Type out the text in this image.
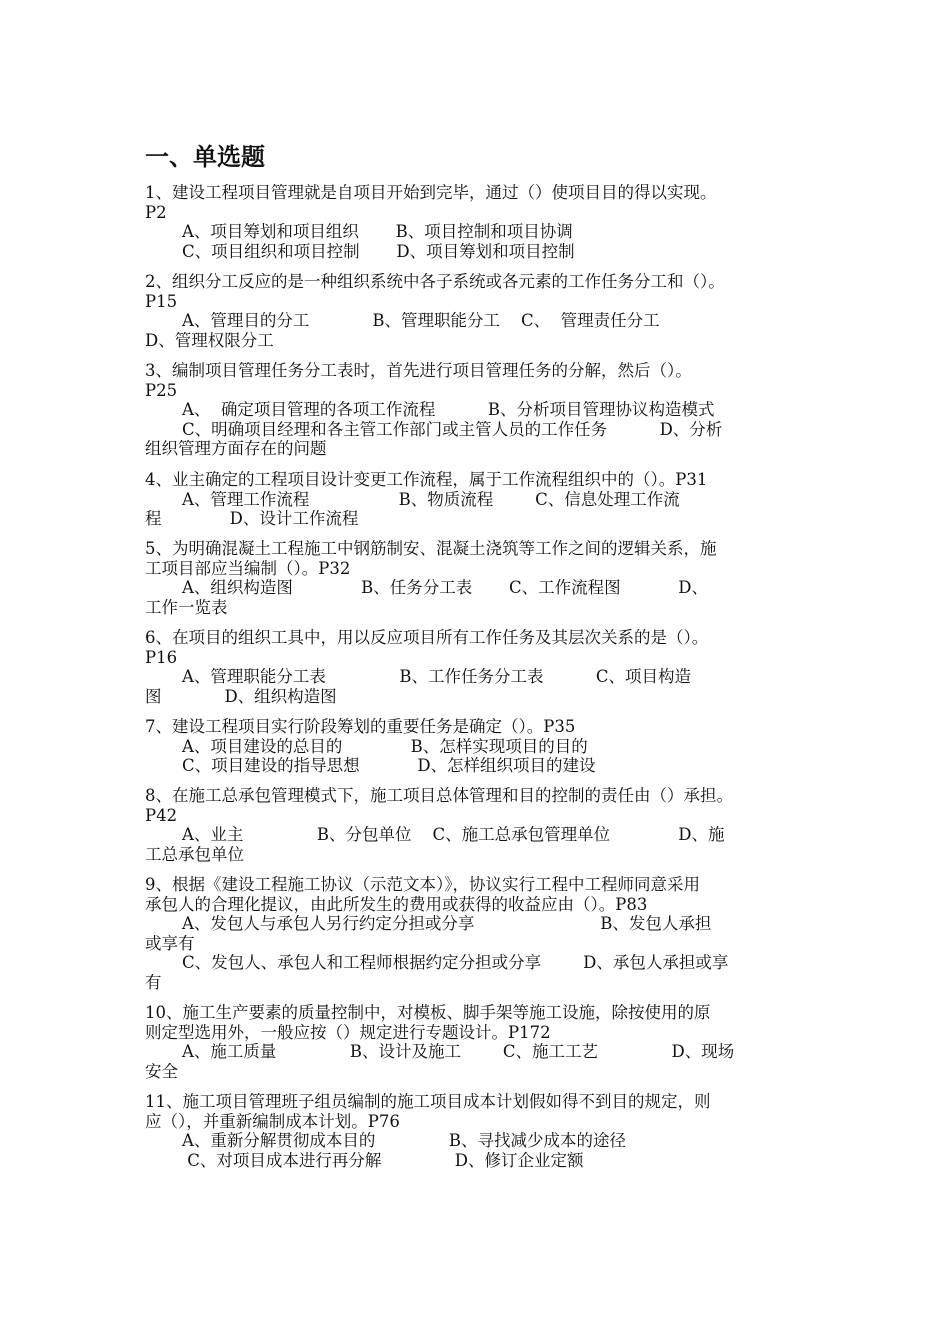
一、单选题
1、建设工程项目管理就是自项目开始到完毕，通过（）使项目目的得以实现。
P2
A、项目筹划和项目组织       B、项目控制和项目协调
C、项目组织和项目控制       D、项目筹划和项目控制
2、组织分工反应的是一种组织系统中各子系统或各元素的工作任务分工和（）。
P15
A、管理目的分工            B、管理职能分工    C、  管理责任分工
D、管理权限分工
3、编制项目管理任务分工表时，首先进行项目管理任务的分解，然后（）。
P25
A、  确定项目管理的各项工作流程          B、分析项目管理协议构造模式
C、明确项目经理和各主管工作部门或主管人员的工作任务          D、分析
组织管理方面存在的问题
4、业主确定的工程项目设计变更工作流程，属于工作流程组织中的（）。P31
A、管理工作流程                 B、物质流程        C、信息处理工作流
程             D、设计工作流程
5、为明确混凝土工程施工中钢筋制安、混凝土浇筑等工作之间的逻辑关系，施
工项目部应当编制（）。P32
A、组织构造图             B、任务分工表       C、工作流程图           D、
工作一览表
6、在项目的组织工具中，用以反应项目所有工作任务及其层次关系的是（）。
P16
A、管理职能分工表              B、工作任务分工表          C、项目构造
图            D、组织构造图
7、建设工程项目实行阶段筹划的重要任务是确定（）。P35
A、项目建设的总目的             B、怎样实现项目的目的
C、项目建设的指导思想           D、怎样组织项目的建设
8、在施工总承包管理模式下，施工项目总体管理和目的控制的责任由（）承担。
P42
A、业主              B、分包单位    C、施工总承包管理单位             D、施
工总承包单位
9、根据《建设工程施工协议（示范文本）》，协议实行工程中工程师同意采用
承包人的合理化提议，由此所发生的费用或获得的收益应由（）。P83
A、发包人与承包人另行约定分担或分享                        B、发包人承担
或享有
C、发包人、承包人和工程师根据约定分担或分享        D、承包人承担或享
有
10、施工生产要素的质量控制中，对模板、脚手架等施工设施，除按使用的原
则定型选用外，一般应按（）规定进行专题设计。P172
A、施工质量              B、设计及施工        C、施工工艺              D、现场
安全
11、施工项目管理班子组员编制的施工项目成本计划假如得不到目的规定，则
应（），并重新编制成本计划。P76
A、重新分解贯彻成本目的              B、寻找减少成本的途径
C、对项目成本进行再分解              D、修订企业定额
